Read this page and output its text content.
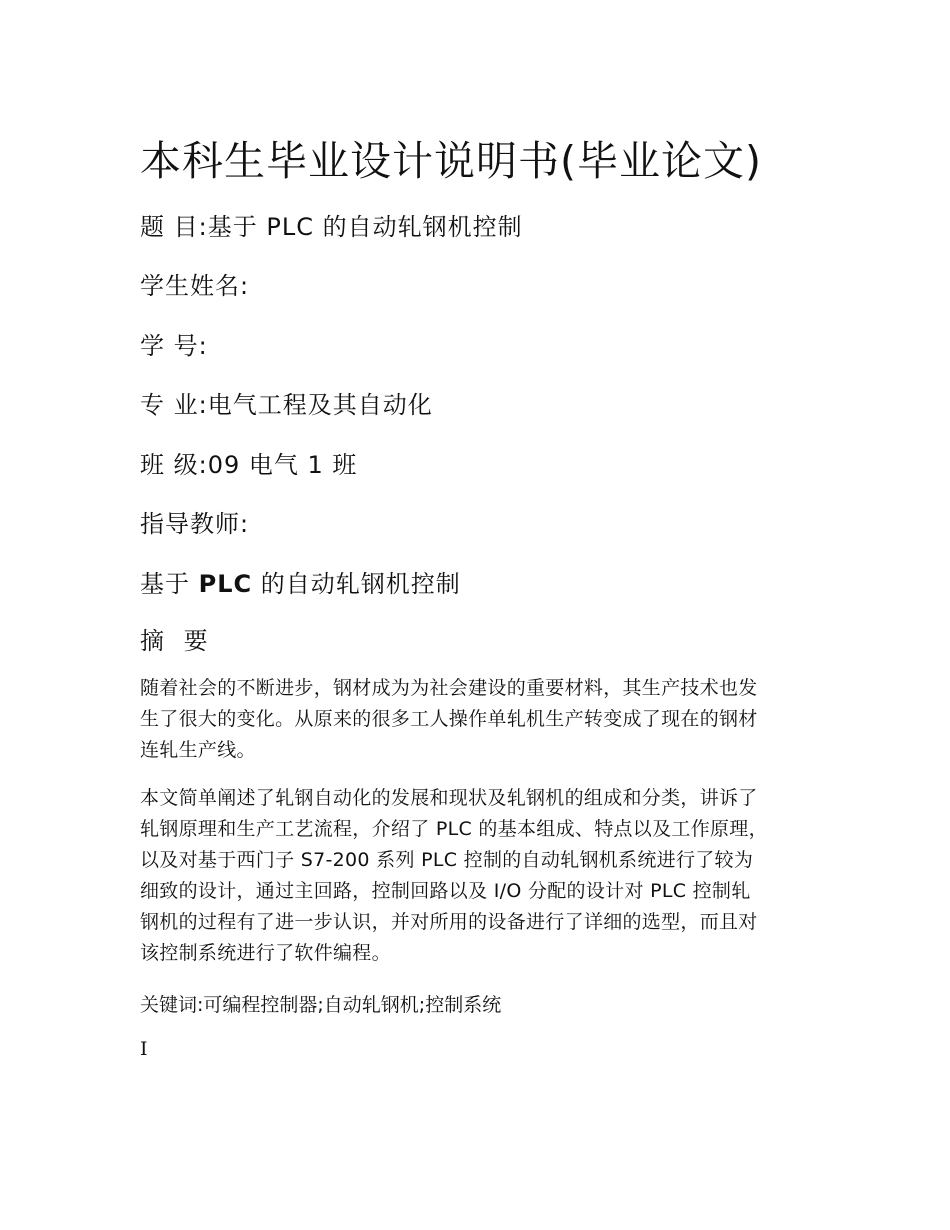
本科生毕业设计说明书(毕业论文)
题 目:基于 PLC 的自动轧钢机控制
学生姓名:
学 号:
专 业:电气工程及其自动化
班 级:09 电气 1 班
指导教师:
基于 PLC 的自动轧钢机控制
摘 要
随着社会的不断进步，钢材成为为社会建设的重要材料，其生产技术也发
生了很大的变化。从原来的很多工人操作单轧机生产转变成了现在的钢材
连轧生产线。
本文简单阐述了轧钢自动化的发展和现状及轧钢机的组成和分类，讲诉了
轧钢原理和生产工艺流程，介绍了 PLC 的基本组成、特点以及工作原理，
以及对基于西门子 S7-200 系列 PLC 控制的自动轧钢机系统进行了较为
细致的设计，通过主回路，控制回路以及 I/O 分配的设计对 PLC 控制轧
钢机的过程有了进一步认识，并对所用的设备进行了详细的选型，而且对
该控制系统进行了软件编程。
关键词:可编程控制器;自动轧钢机;控制系统
I
